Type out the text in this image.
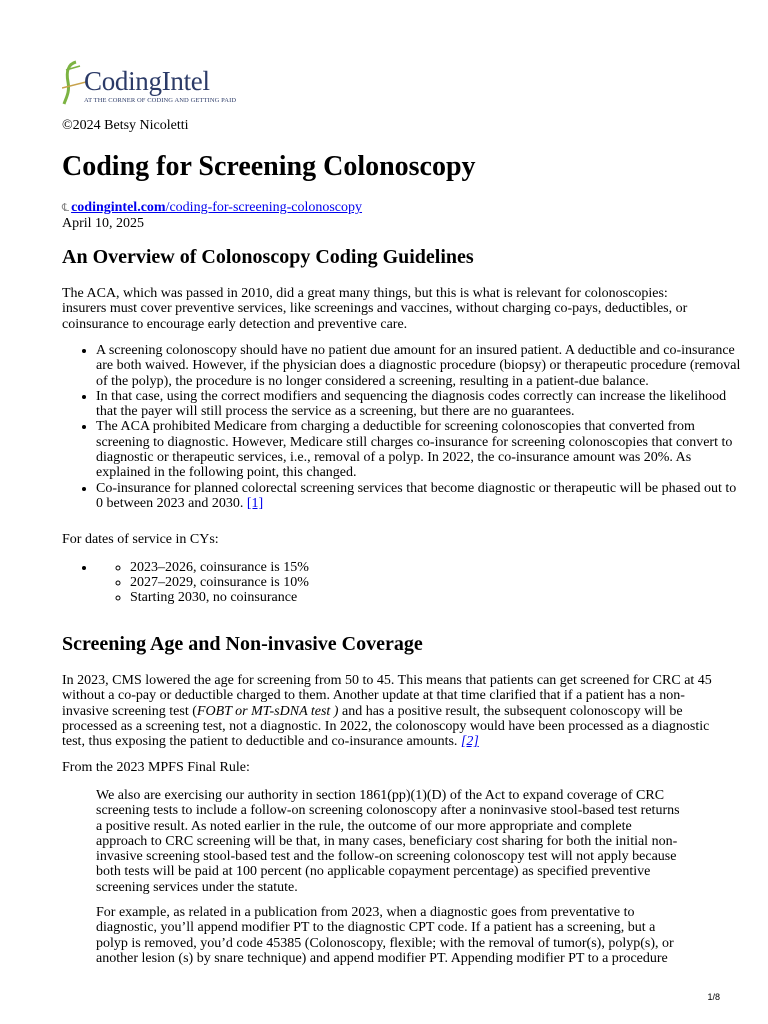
CodingIntel
AT THE CORNER OF CODING AND GETTING PAID
©2024 Betsy Nicoletti
Coding for Screening Colonoscopy
℄ codingintel.com/coding-for-screening-colonoscopy
April 10, 2025
An Overview of Colonoscopy Coding Guidelines

The ACA, which was passed in 2010, did a great many things, but this is what is relevant for colonoscopies: insurers must cover preventive services, like screenings and vaccines, without charging co-pays, deductibles, or coinsurance to encourage early detection and preventive care.

• A screening colonoscopy should have no patient due amount for an insured patient. A deductible and co-insurance are both waived. However, if the physician does a diagnostic procedure (biopsy) or therapeutic procedure (removal of the polyp), the procedure is no longer considered a screening, resulting in a patient-due balance.
• In that case, using the correct modifiers and sequencing the diagnosis codes correctly can increase the likelihood that the payer will still process the service as a screening, but there are no guarantees.
• The ACA prohibited Medicare from charging a deductible for screening colonoscopies that converted from screening to diagnostic. However, Medicare still charges co-insurance for screening colonoscopies that convert to diagnostic or therapeutic services, i.e., removal of a polyp. In 2022, the co-insurance amount was 20%. As explained in the following point, this changed.
• Co-insurance for planned colorectal screening services that become diagnostic or therapeutic will be phased out to 0 between 2023 and 2030. [1]

For dates of service in CYs:

◦ • 2023–2026, coinsurance is 15%
◦ 2027–2029, coinsurance is 10%
◦ Starting 2030, no coinsurance
Screening Age and Non-invasive Coverage

In 2023, CMS lowered the age for screening from 50 to 45. This means that patients can get screened for CRC at 45 without a co-pay or deductible charged to them. Another update at that time clarified that if a patient has a non-invasive screening test (FOBT or MT-sDNA test ) and has a positive result, the subsequent colonoscopy will be processed as a screening test, not a diagnostic. In 2022, the colonoscopy would have been processed as a diagnostic test, thus exposing the patient to deductible and co-insurance amounts. [2]

From the 2023 MPFS Final Rule:

We also are exercising our authority in section 1861(pp)(1)(D) of the Act to expand coverage of CRC screening tests to include a follow-on screening colonoscopy after a noninvasive stool-based test returns a positive result. As noted earlier in the rule, the outcome of our more appropriate and complete approach to CRC screening will be that, in many cases, beneficiary cost sharing for both the initial non-invasive screening stool-based test and the follow-on screening colonoscopy test will not apply because both tests will be paid at 100 percent (no applicable copayment percentage) as specified preventive screening services under the statute.

For example, as related in a publication from 2023, when a diagnostic goes from preventative to diagnostic, you’ll append modifier PT to the diagnostic CPT code. If a patient has a screening, but a polyp is removed, you’d code 45385 (Colonoscopy, flexible; with the removal of tumor(s), polyp(s), or another lesion (s) by snare technique) and append modifier PT. Appending modifier PT to a procedure

1/8
